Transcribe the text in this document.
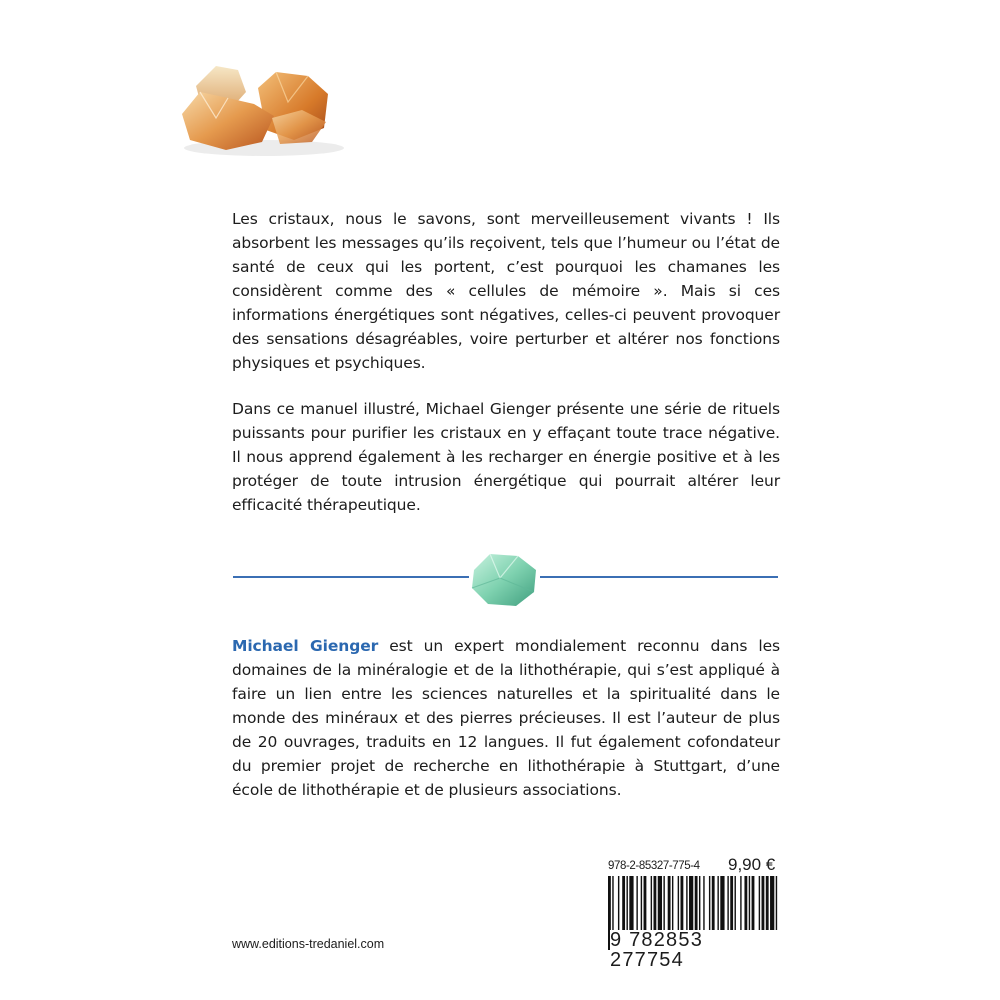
Les cristaux, nous le savons, sont merveilleusement vivants ! Ils absorbent les messages qu’ils reçoivent, tels que l’humeur ou l’état de santé de ceux qui les portent, c’est pourquoi les chamanes les considèrent comme des « cellules de mémoire ». Mais si ces informations énergétiques sont négatives, celles-ci peuvent provoquer des sensations désagréables, voire perturber et altérer nos fonctions physiques et psychiques.

Dans ce manuel illustré, Michael Gienger présente une série de rituels puissants pour purifier les cristaux en y effaçant toute trace négative. Il nous apprend également à les recharger en énergie positive et à les protéger de toute intrusion énergétique qui pourrait altérer leur efficacité thérapeutique.

Michael Gienger est un expert mondialement reconnu dans les domaines de la minéralogie et de la lithothérapie, qui s’est appliqué à faire un lien entre les sciences naturelles et la spiritualité dans le monde des minéraux et des pierres précieuses. Il est l’auteur de plus de 20 ouvrages, traduits en 12 langues. Il fut également cofondateur du premier projet de recherche en lithothérapie à Stuttgart, d’une école de lithothérapie et de plusieurs associations.

978-2-85327-775-4 9,90 €
9 782853 277754
www.editions-tredaniel.com
